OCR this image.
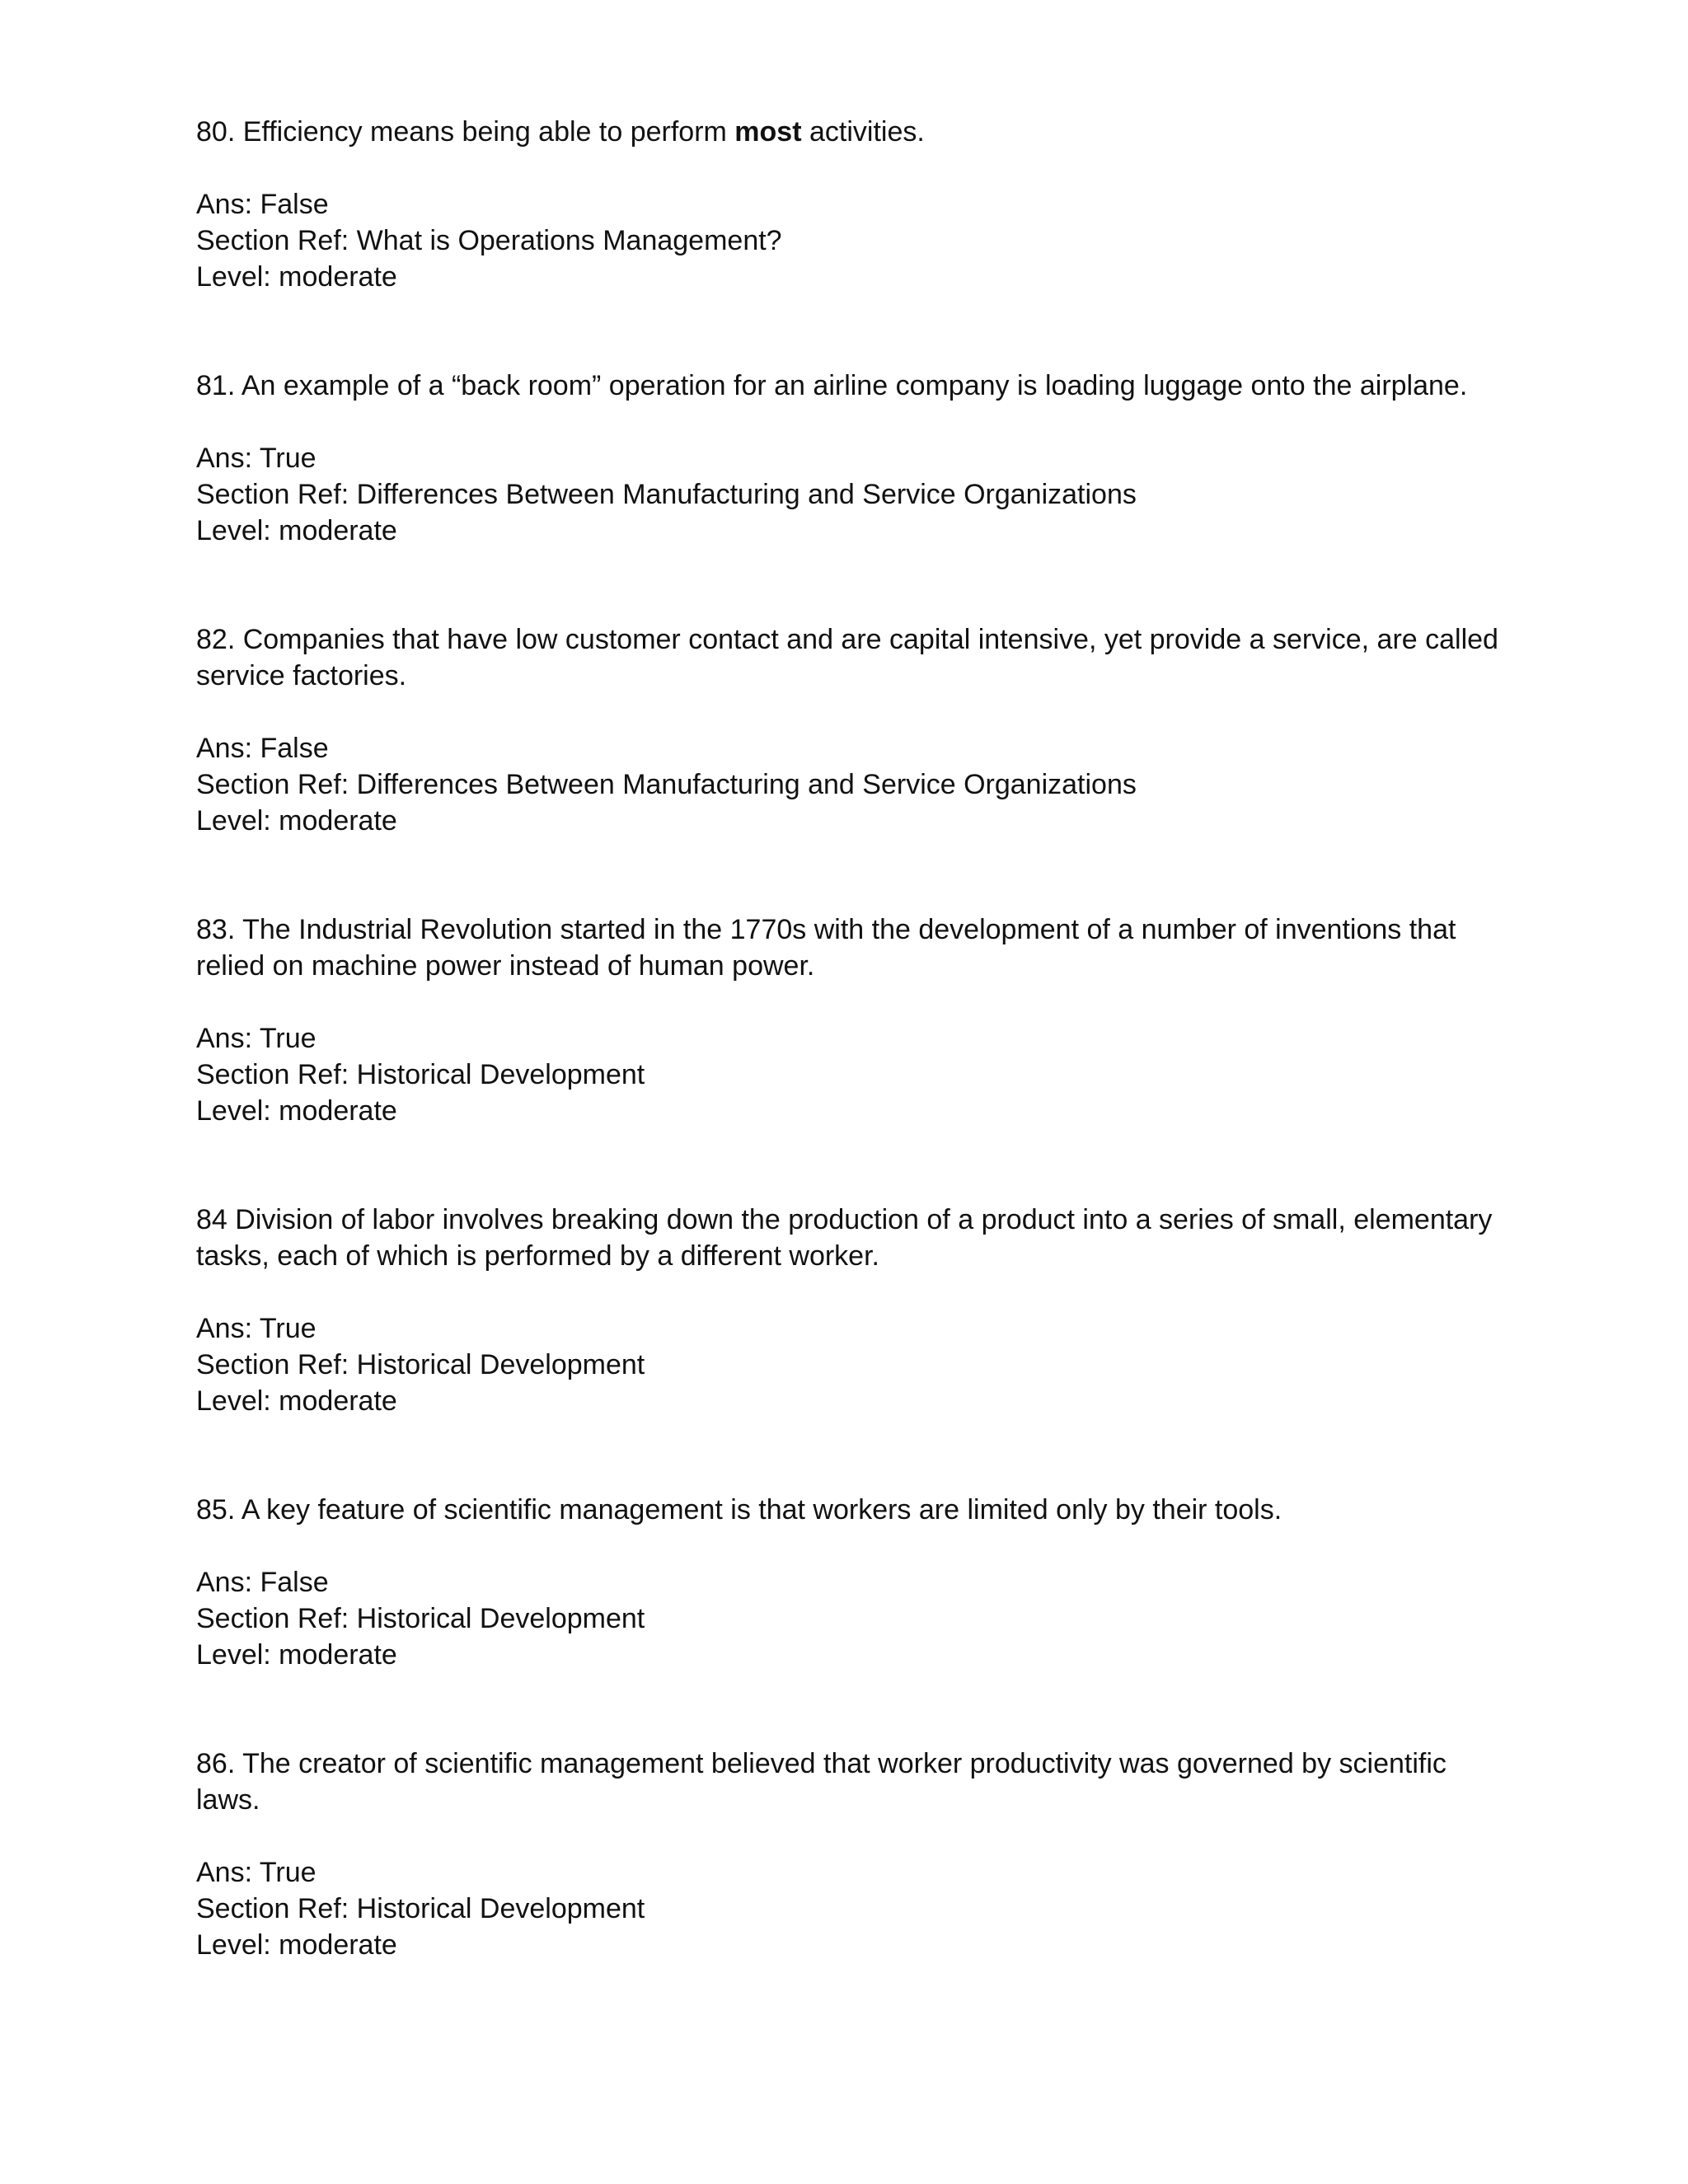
80. Efficiency means being able to perform most activities.

Ans: False

Section Ref: What is Operations Management?

Level: moderate

81. An example of a “back room” operation for an airline company is loading luggage onto the airplane.

Ans: True

Section Ref: Differences Between Manufacturing and Service Organizations

Level: moderate

82. Companies that have low customer contact and are capital intensive, yet provide a service, are called service factories.

Ans: False

Section Ref: Differences Between Manufacturing and Service Organizations

Level: moderate

83. The Industrial Revolution started in the 1770s with the development of a number of inventions that relied on machine power instead of human power.

Ans: True

Section Ref: Historical Development

Level: moderate

84 Division of labor involves breaking down the production of a product into a series of small, elementary tasks, each of which is performed by a different worker.

Ans: True

Section Ref: Historical Development

Level: moderate

85. A key feature of scientific management is that workers are limited only by their tools.

Ans: False

Section Ref: Historical Development

Level: moderate

86. The creator of scientific management believed that worker productivity was governed by scientific laws.

Ans: True

Section Ref: Historical Development

Level: moderate
